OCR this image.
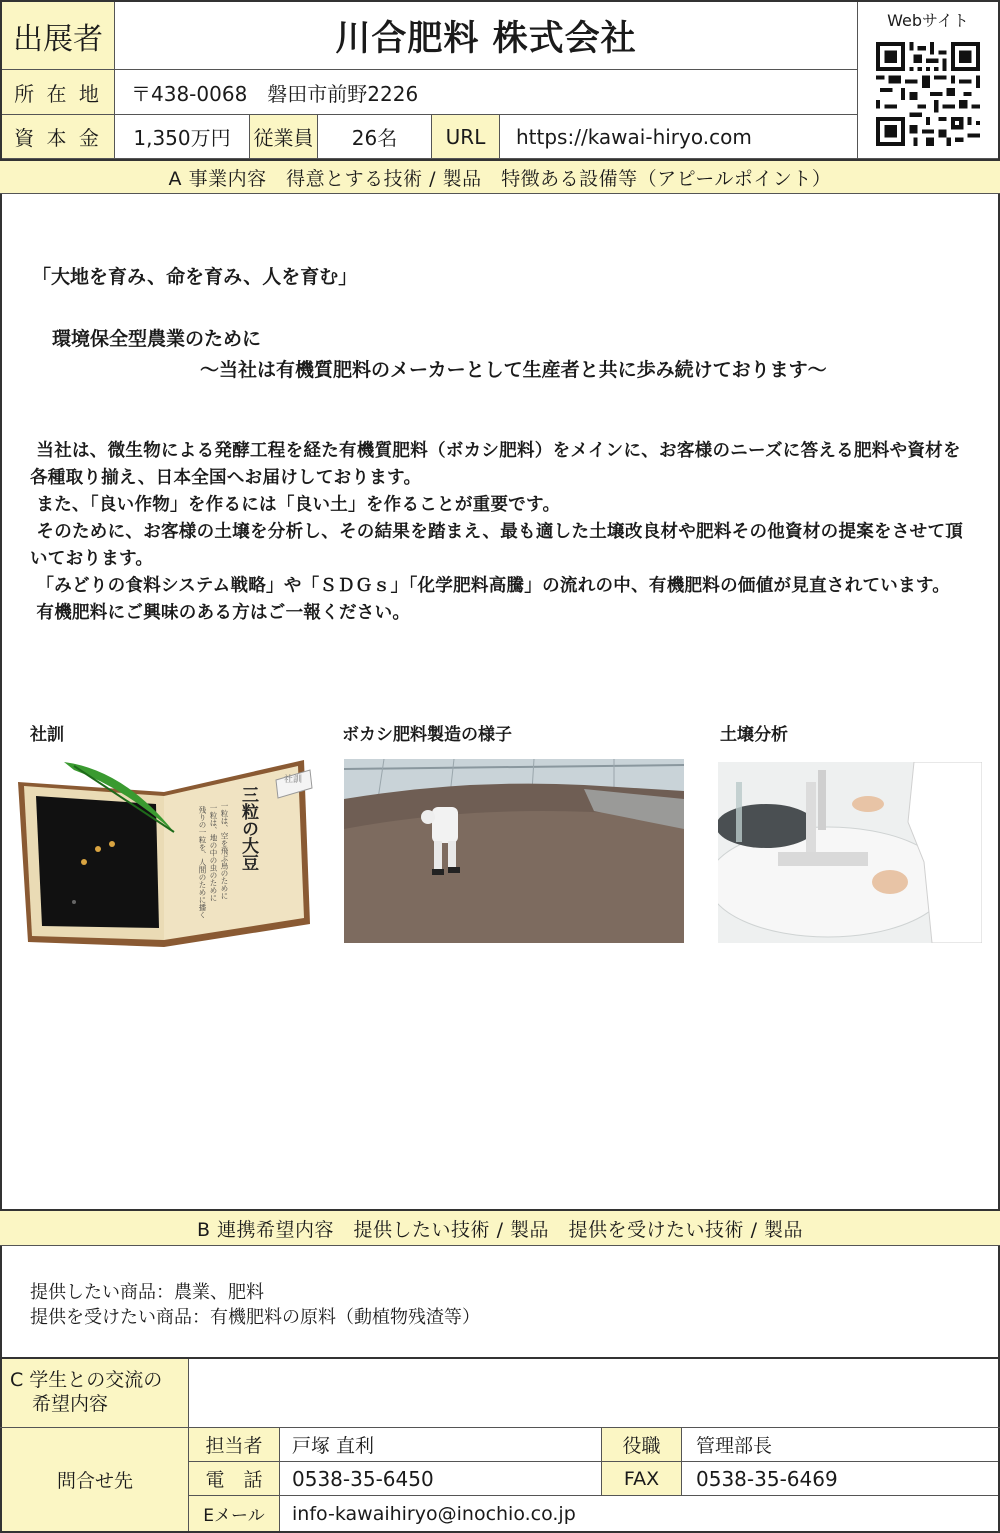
出展者	川合肥料 株式会社	Webサイト
所 在 地 〒438-0068　磐田市前野2226
資 本 金 1,350万円 従業員 26名 URL https://kawai-hiryo.com
A 事業内容　得意とする技術 / 製品　特徴ある設備等（アピールポイント）
「大地を育み、命を育み、人を育む」
環境保全型農業のために
～当社は有機質肥料のメーカーとして生産者と共に歩み続けております～
当社は、微生物による発酵工程を経た有機質肥料（ボカシ肥料）をメインに、お客様のニーズに答える肥料や資材を各種取り揃え、日本全国へお届けしております。
また、「良い作物」を作るには「良い土」を作ることが重要です。
そのために、お客様の土壌を分析し、その結果を踏まえ、最も適した土壌改良材や肥料その他資材の提案をさせて頂いております。
「みどりの食料システム戦略」や「ＳＤＧｓ」「化学肥料高騰」の流れの中、有機肥料の価値が見直されています。
有機肥料にご興味のある方はご一報ください。
社訓	ボカシ肥料製造の様子	土壌分析
社訓
三粒の大豆
一粒は、空を飛ぶ鳥のために
一粒は、地の中の虫のために
残りの一粒を、人間のために播く
B 連携希望内容　提供したい技術 / 製品　提供を受けたい技術 / 製品
提供したい商品：農業、肥料
提供を受けたい商品：有機肥料の原料（動植物残渣等）
C 学生との交流の
希望内容
問合せ先
担当者 戸塚 直利	役職 管理部長
電　話 0538-35-6450	FAX 0538-35-6469
Eメール info-kawaihiryo@inochio.co.jp
